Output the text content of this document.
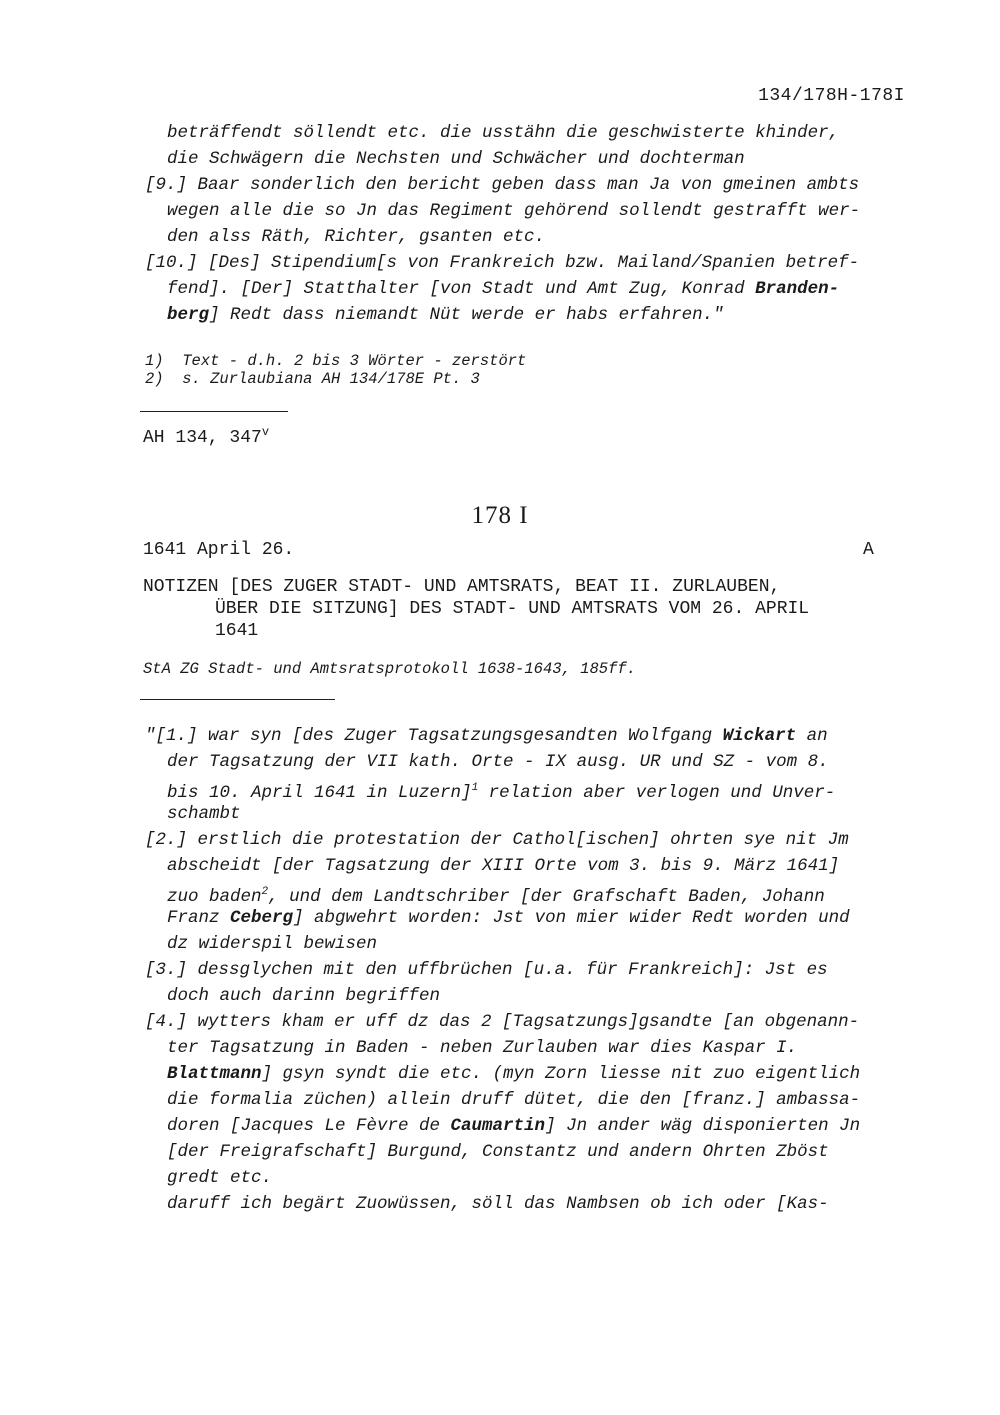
134/178H-178I
beträffendt söllendt etc. die usstähn die geschwisterte khinder,
die Schwägern die Nechsten und Schwächer und dochterman
[9.] Baar sonderlich den bericht geben dass man Ja von gmeinen ambts
wegen alle die so Jn das Regiment gehörend sollendt gestrafft wer-
den alss Räth, Richter, gsanten etc.
[10.] [Des] Stipendium[s von Frankreich bzw. Mailand/Spanien betref-
fend]. [Der] Statthalter [von Stadt und Amt Zug, Konrad Branden-
berg] Redt dass niemandt Nüt werde er habs erfahren."
1)  Text - d.h. 2 bis 3 Wörter - zerstört
2)  s. Zurlaubiana AH 134/178E Pt. 3
AH 134, 347$^v$
178 I
1641 April 26.	A
NOTIZEN [DES ZUGER STADT- UND AMTSRATS, BEAT II. ZURLAUBEN,
ÜBER DIE SITZUNG] DES STADT- UND AMTSRATS VOM 26. APRIL
1641
StA ZG Stadt- und Amtsratsprotokoll 1638-1643, 185ff.
"[1.] war syn [des Zuger Tagsatzungsgesandten Wolfgang Wickart an
der Tagsatzung der VII kath. Orte - IX ausg. UR und SZ - vom 8.
bis 10. April 1641 in Luzern]$^1$ relation aber verlogen und Unver-
schambt
[2.] erstlich die protestation der Cathol[ischen] ohrten sye nit Jm
abscheidt [der Tagsatzung der XIII Orte vom 3. bis 9. März 1641]
zuo baden$^2$, und dem Landtschriber [der Grafschaft Baden, Johann
Franz Ceberg] abgwehrt worden: Jst von mier wider Redt worden und
dz widerspil bewisen
[3.] dessglychen mit den uffbrüchen [u.a. für Frankreich]: Jst es
doch auch darinn begriffen
[4.] wytters kham er uff dz das 2 [Tagsatzungs]gsandte [an obgenann-
ter Tagsatzung in Baden - neben Zurlauben war dies Kaspar I.
Blattmann] gsyn syndt die etc. (myn Zorn liesse nit zuo eigentlich
die formalia züchen) allein druff dütet, die den [franz.] ambassa-
doren [Jacques Le Fèvre de Caumartin] Jn ander wäg disponierten Jn
[der Freigrafschaft] Burgund, Constantz und andern Ohrten Zböst
gredt etc.
daruff ich begärt Zuowüssen, söll das Nambsen ob ich oder [Kas-
